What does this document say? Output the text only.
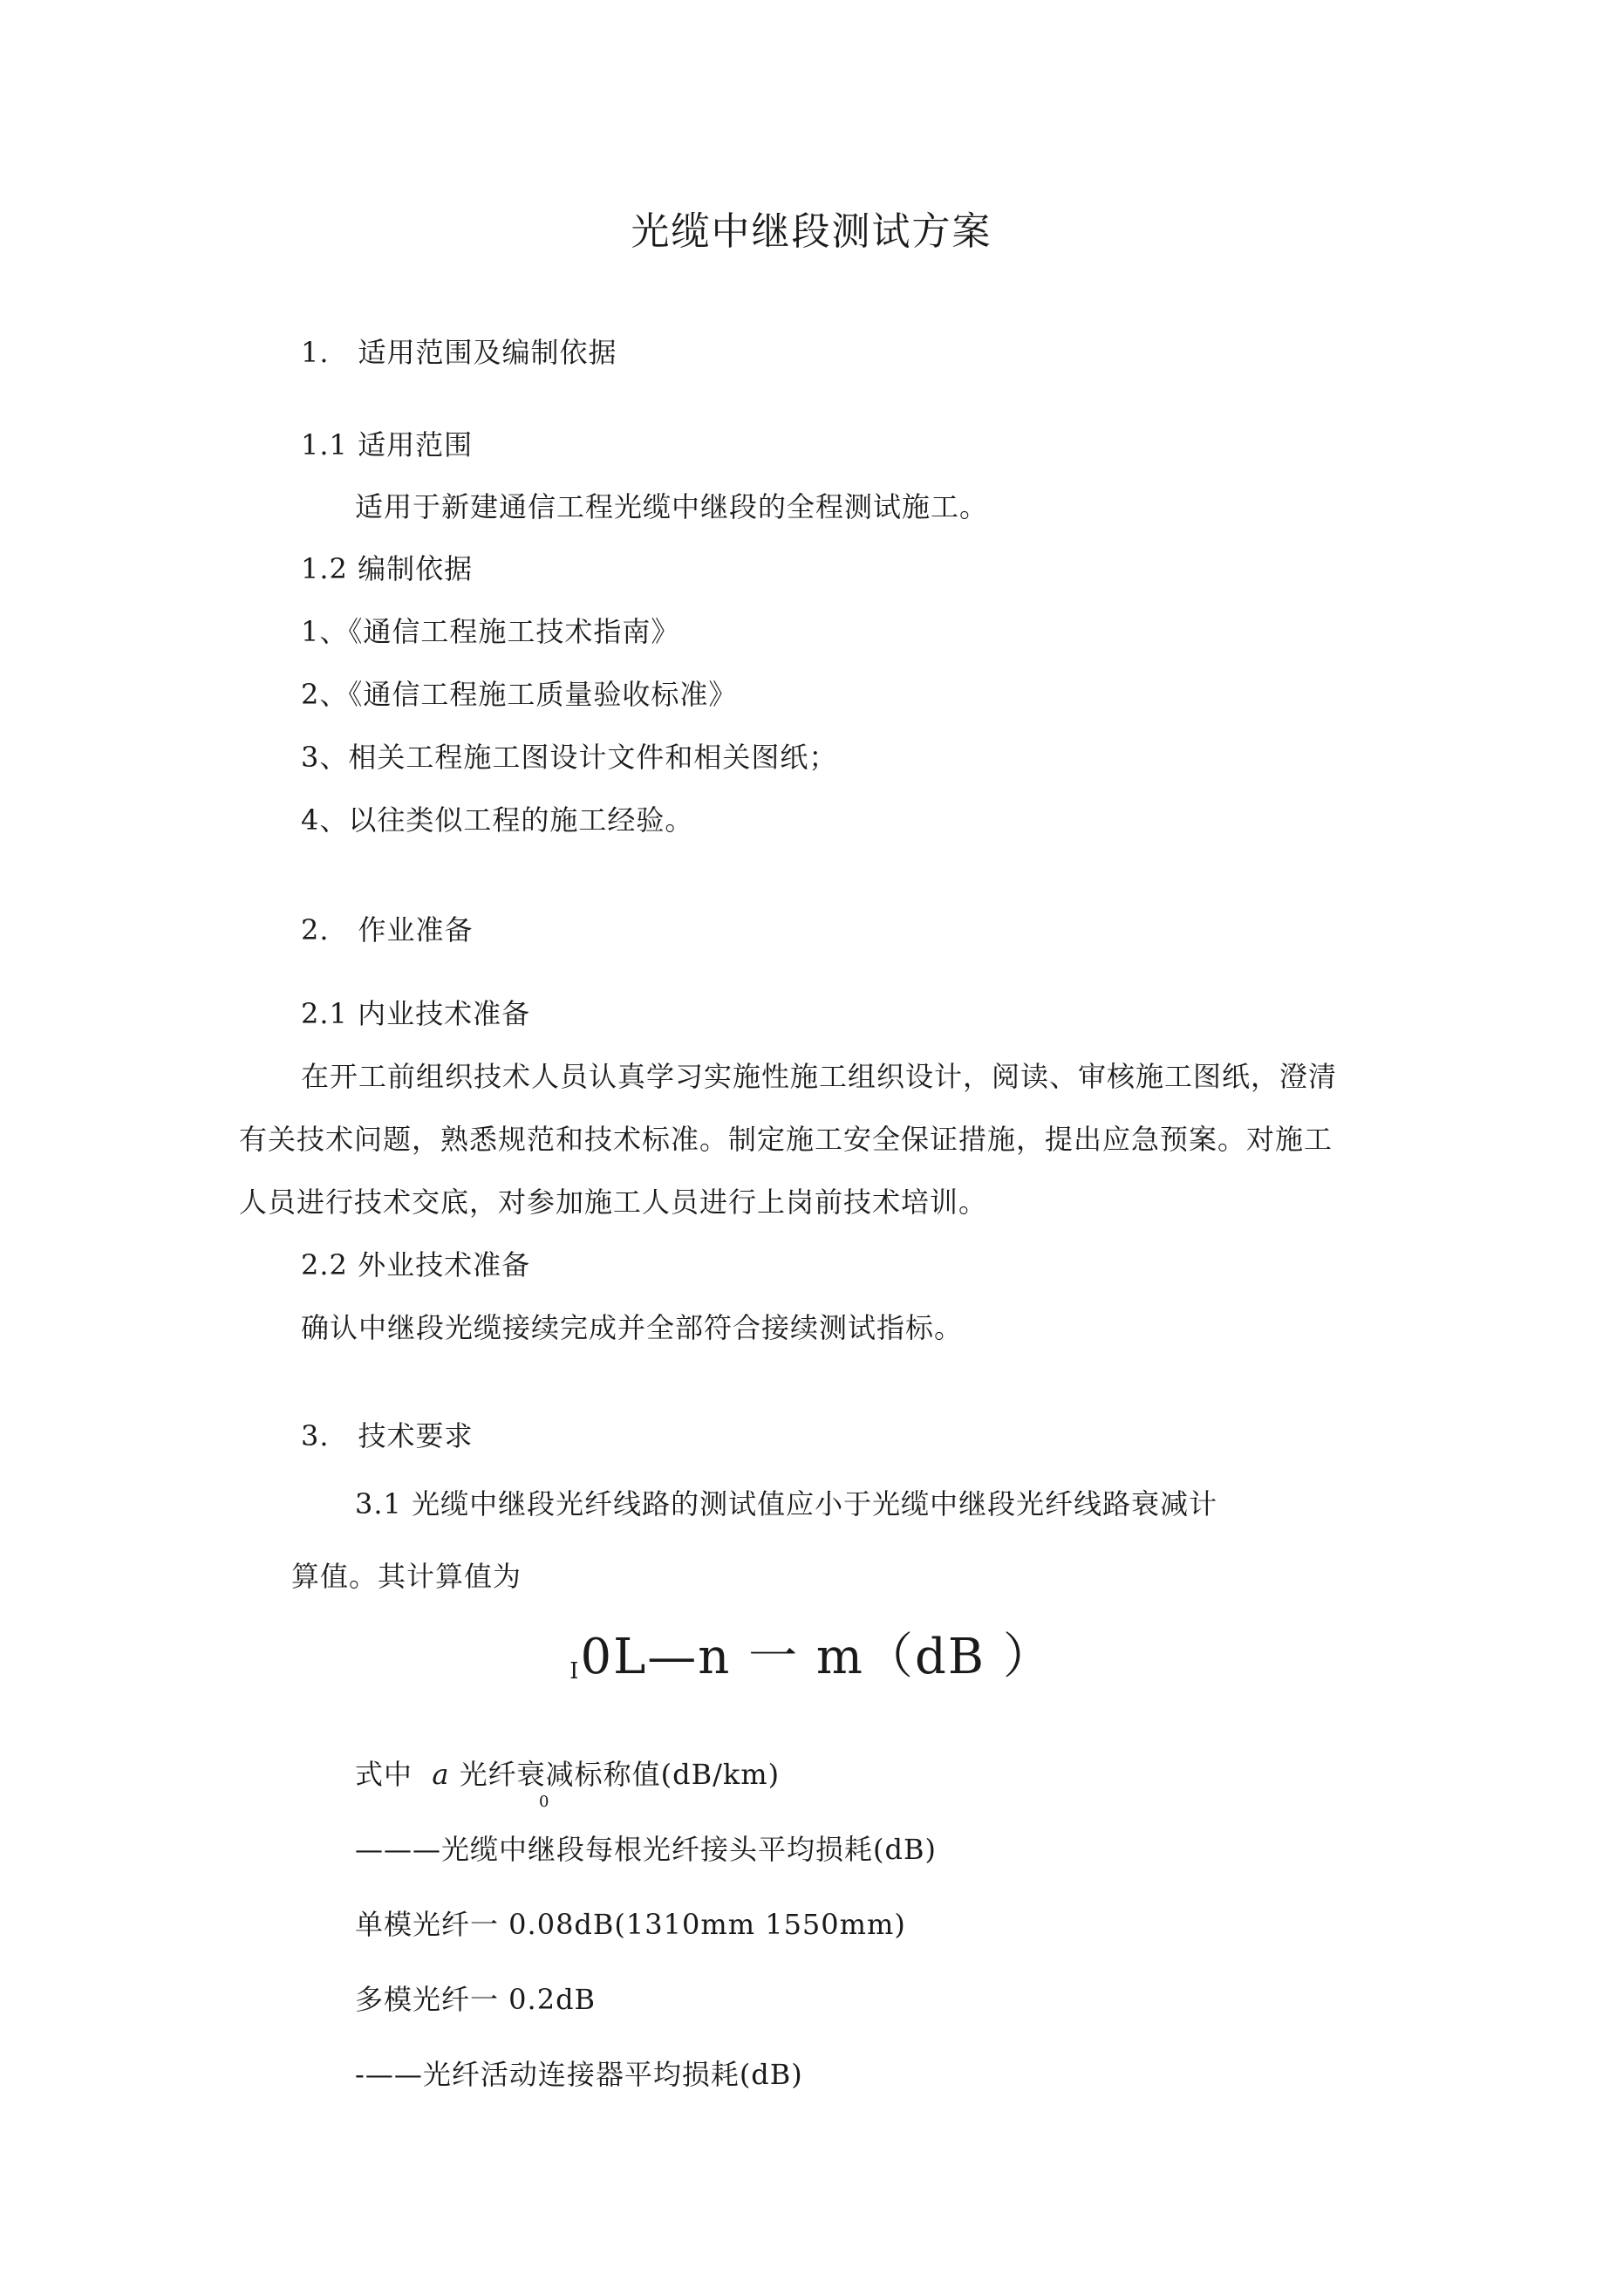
光缆中继段测试方案
1.　适用范围及编制依据
1.1 适用范围
适用于新建通信工程光缆中继段的全程测试施工。
1.2 编制依据
1、《通信工程施工技术指南》
2、《通信工程施工质量验收标准》
3、相关工程施工图设计文件和相关图纸；
4、以往类似工程的施工经验。
2.　作业准备
2.1 内业技术准备
在开工前组织技术人员认真学习实施性施工组织设计，阅读、审核施工图纸，澄清
有关技术问题，熟悉规范和技术标准。制定施工安全保证措施，提出应急预案。对施工
人员进行技术交底，对参加施工人员进行上岗前技术培训。
2.2 外业技术准备
确认中继段光缆接续完成并全部符合接续测试指标。
3.　技术要求
3.1 光缆中继段光纤线路的测试值应小于光缆中继段光纤线路衰减计
算值。其计算值为
I0L—n 一 m（dB ）
式中 a 光纤衰减标称值(dB/km)
0
———光缆中继段每根光纤接头平均损耗(dB)
单模光纤一 0.08dB(1310mm 1550mm)
多模光纤一 0.2dB
-——光纤活动连接器平均损耗(dB)
